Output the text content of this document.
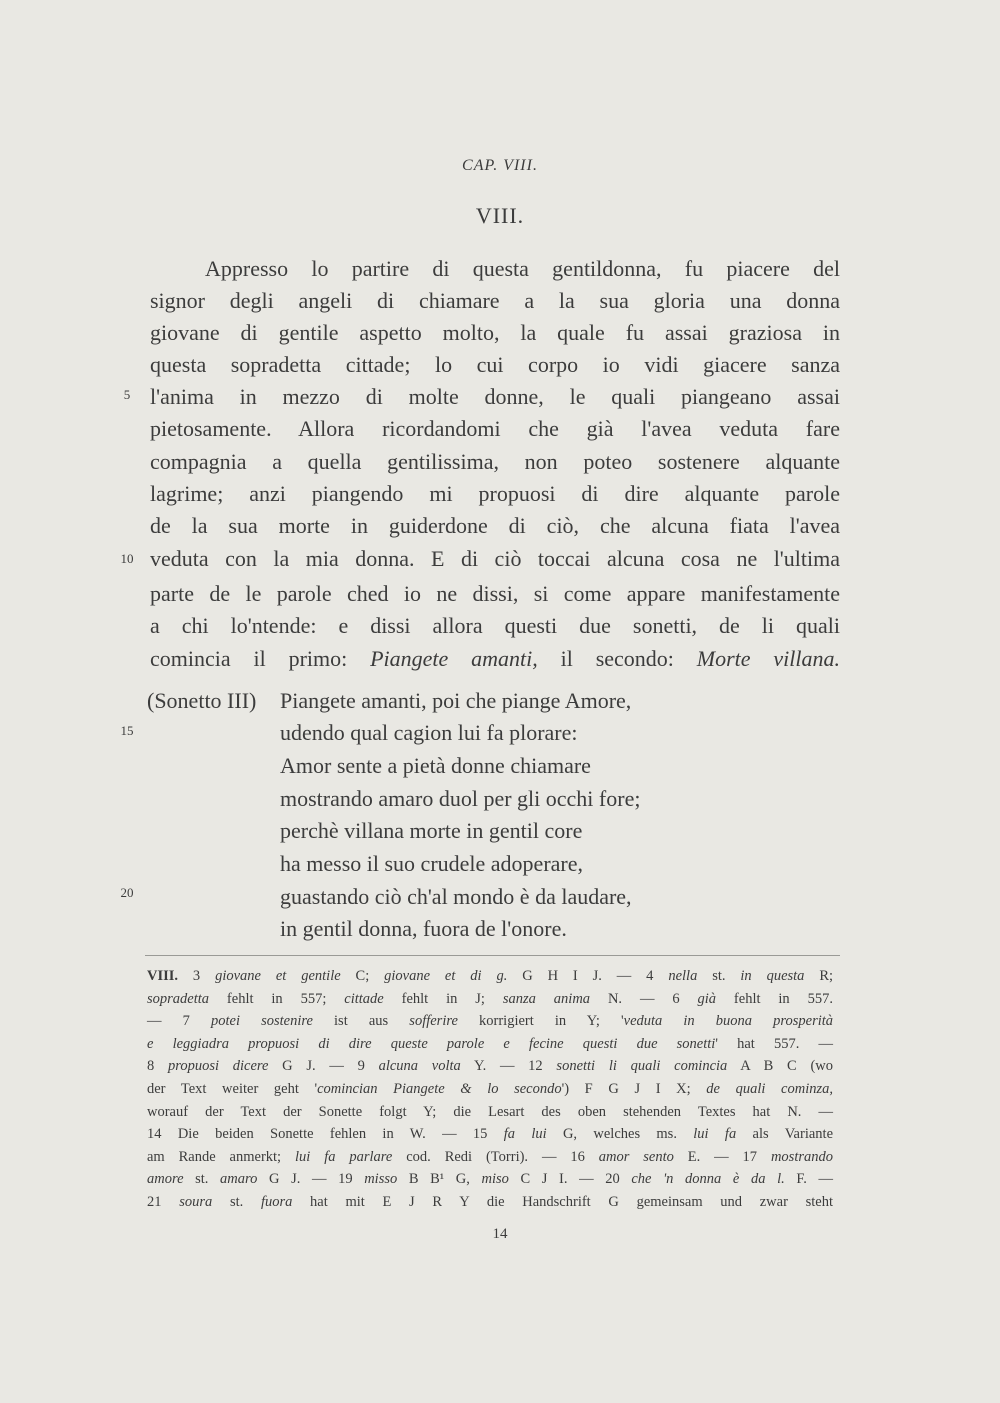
CAP. VIII.
VIII.
Appresso lo partire di questa gentildonna, fu piacere del
signor degli angeli di chiamare a la sua gloria una donna
giovane di gentile aspetto molto, la quale fu assai graziosa in
questa sopradetta cittade; lo cui corpo io vidi giacere sanza
l'anima in mezzo di molte donne, le quali piangeano assai
pietosamente. Allora ricordandomi che già l'avea veduta fare
compagnia a quella gentilissima, non poteo sostenere alquante
lagrime; anzi piangendo mi propuosi di dire alquante parole
de la sua morte in guiderdone di ciò, che alcuna fiata l'avea
veduta con la mia donna. E di ciò toccai alcuna cosa ne l'ultima
parte de le parole ched io ne dissi, si come appare manifestamente
a chi lo'ntende: e dissi allora questi due sonetti, de li quali
comincia il primo: Piangete amanti, il secondo: Morte villana.
(Sonetto III) Piangete amanti, poi che piange Amore,
udendo qual cagion lui fa plorare:
Amor sente a pietà donne chiamare
mostrando amaro duol per gli occhi fore;
perchè villana morte in gentil core
ha messo il suo crudele adoperare,
guastando ciò ch'al mondo è da laudare,
in gentil donna, fuora de l'onore.
5
10
15
20
VIII. 3 giovane et gentile C; giovane et di g. G H I J. — 4 nella st. in questa R;
sopradetta fehlt in 557; cittade fehlt in J; sanza anima N. — 6 già fehlt in 557.
— 7 potei sostenire ist aus sofferire korrigiert in Y; 'veduta in buona prosperità
e leggiadra propuosi di dire queste parole e fecine questi due sonetti' hat 557. —
8 propuosi dicere G J. — 9 alcuna volta Y. — 12 sonetti li quali comincia A B C (wo
der Text weiter geht 'comincian Piangete & lo secondo') F G J I X; de quali cominza,
worauf der Text der Sonette folgt Y; die Lesart des oben stehenden Textes hat N. —
14 Die beiden Sonette fehlen in W. — 15 fa lui G, welches ms. lui fa als Variante
am Rande anmerkt; lui fa parlare cod. Redi (Torri). — 16 amor sento E. — 17 mostrando
amore st. amaro G J. — 19 misso B B¹ G, miso C J I. — 20 che 'n donna è da l. F. —
21 soura st. fuora hat mit E J R Y die Handschrift G gemeinsam und zwar steht
14
